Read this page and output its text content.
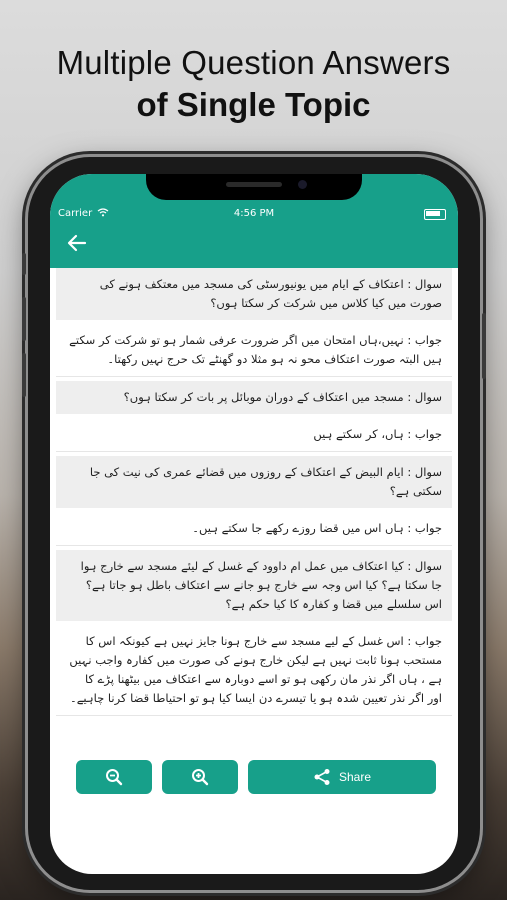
Multiple Question Answers
of Single Topic
Carrier	4:56 PM
سوال : اعتکاف کے ایام میں یونیورسٹی کی مسجد میں معتکف ہونے کی صورت میں کیا کلاس میں شرکت کر سکتا ہوں؟
جواب : نہیں،ہاں امتحان میں اگر ضرورت عرفی شمار ہو تو شرکت کر سکتے ہیں البتہ صورت اعتکاف محو نہ ہو مثلا دو گھنٹے تک حرج نہیں رکھتا۔
سوال : مسجد میں اعتکاف کے دوران موبائل پر بات کر سکتا ہوں؟
جواب : ہاں، کر سکتے ہیں
سوال : ایام البیض کے اعتکاف کے روزوں میں قضائے عمری کی نیت کی جا سکتی ہے؟
جواب : ہاں اس میں قضا روزے رکھے جا سکتے ہیں۔
سوال : کیا اعتکاف میں عمل ام داوود کے غسل کے لیئے مسجد سے خارج ہوا جا سکتا ہے؟ کیا اس وجہ سے خارج ہو جانے سے اعتکاف باطل ہو جاتا ہے؟ اس سلسلے میں قضا و کفارہ کا کیا حکم ہے؟
جواب : اس غسل کے لیے مسجد سے خارج ہونا جایز نہیں ہے کیونکہ اس کا مستحب ہونا ثابت نہیں ہے لیکن خارج ہونے کی صورت میں کفارہ واجب نہیں ہے ، ہاں اگر نذر مان رکھی ہو تو اسے دوبارہ سے اعتکاف میں بیٹھنا پڑے کا اور اگر نذر تعیین شدہ ہو یا تیسرے دن ایسا کیا ہو تو احتیاطا قضا کرنا چاہیے۔
Share
